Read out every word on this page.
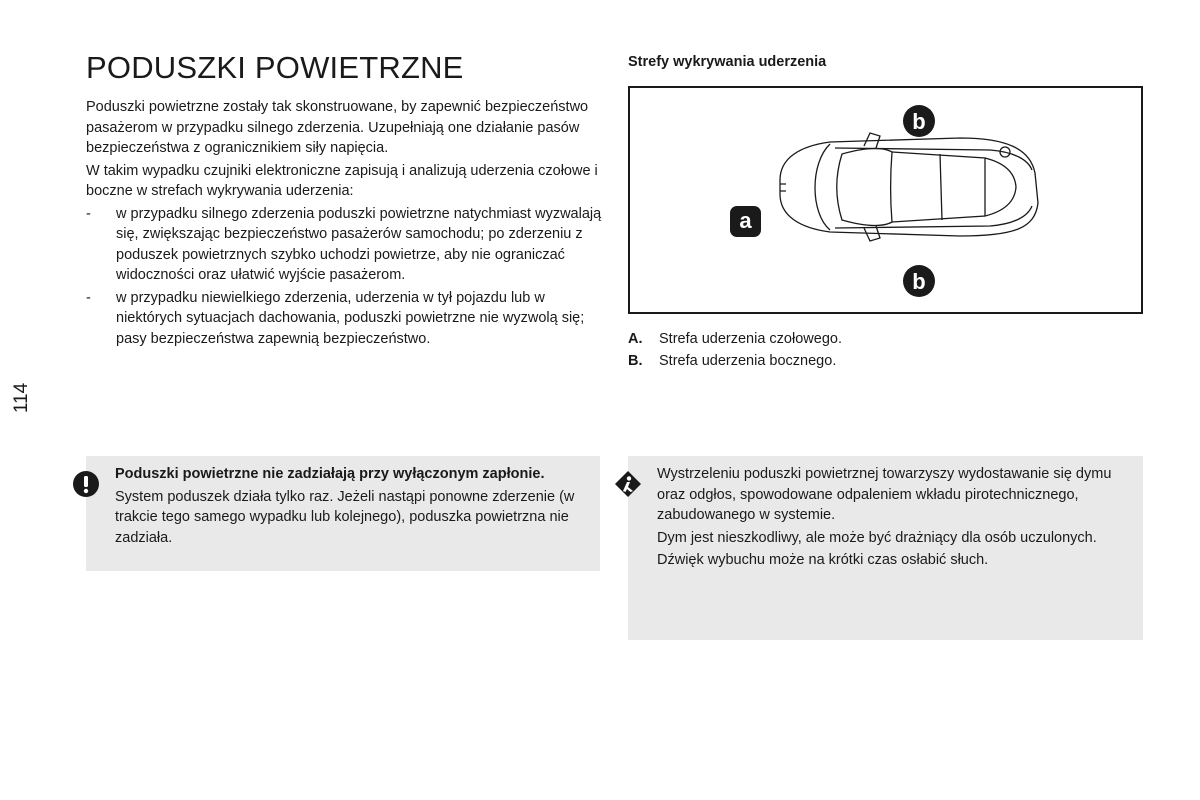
114
PODUSZKI POWIETRZNE

Poduszki powietrzne zostały tak skonstruowane, by zapewnić bezpieczeństwo pasażerom w przypadku silnego zderzenia. Uzupełniają one działanie pasów bezpieczeństwa z ogranicznikiem siły napięcia.

W takim wypadku czujniki elektroniczne zapisują i analizują uderzenia czołowe i boczne w strefach wykrywania uderzenia:

- w przypadku silnego zderzenia poduszki powietrzne natychmiast wyzwalają się, zwiększając bezpieczeństwo pasażerów samochodu; po zderzeniu z poduszek powietrznych szybko uchodzi powietrze, aby nie ograniczać widoczności oraz ułatwić wyjście pasażerom.
- w przypadku niewielkiego zderzenia, uderzenia w tył pojazdu lub w niektórych sytuacjach dachowania, poduszki powietrzne nie wyzwolą się; pasy bezpieczeństwa zapewnią bezpieczeństwo.
Strefy wykrywania uderzenia
a
b
b
A.	Strefa uderzenia czołowego.
B.	Strefa uderzenia bocznego.

Poduszki powietrzne nie zadziałają przy wyłączonym zapłonie.

System poduszek działa tylko raz. Jeżeli nastąpi ponowne zderzenie (w trakcie tego samego wypadku lub kolejnego), poduszka powietrzna nie zadziała.

Wystrzeleniu poduszki powietrznej towarzyszy wydostawanie się dymu oraz odgłos, spowodowane odpaleniem wkładu pirotechnicznego, zabudowanego w systemie.

Dym jest nieszkodliwy, ale może być drażniący dla osób uczulonych.

Dźwięk wybuchu może na krótki czas osłabić słuch.
